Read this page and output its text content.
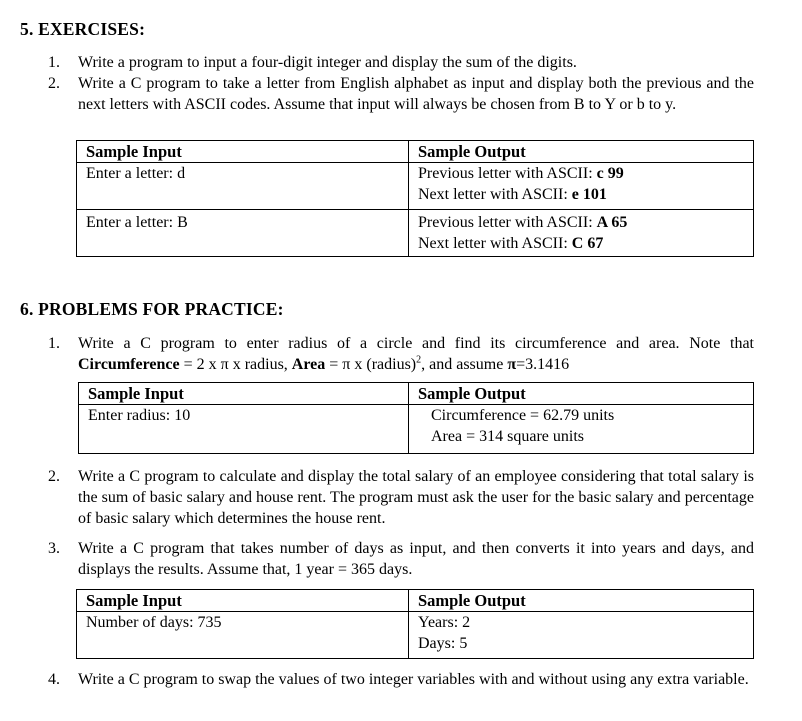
5. EXERCISES:
1. Write a program to input a four-digit integer and display the sum of the digits.
2. Write a C program to take a letter from English alphabet as input and display both the previous and the next letters with ASCII codes. Assume that input will always be chosen from B to Y or b to y.
Sample Input	Sample Output
Enter a letter: d	Previous letter with ASCII: c 99
Next letter with ASCII: e 101

Enter a letter: B	Previous letter with ASCII: A 65
Next letter with ASCII: C 67
6. PROBLEMS FOR PRACTICE:
1. Write a C program to enter radius of a circle and find its circumference and area. Note that Circumference = 2 x π x radius, Area = π x (radius)$^2$, and assume π=3.1416
Sample Input	Sample Output
Enter radius: 10	Circumference = 62.79 units
Area = 314 square units
2. Write a C program to calculate and display the total salary of an employee considering that total salary is the sum of basic salary and house rent. The program must ask the user for the basic salary and percentage of basic salary which determines the house rent.
3. Write a C program that takes number of days as input, and then converts it into years and days, and displays the results. Assume that, 1 year = 365 days.
Sample Input	Sample Output
Number of days: 735	Years: 2
Days: 5
4. Write a C program to swap the values of two integer variables with and without using any extra variable.
